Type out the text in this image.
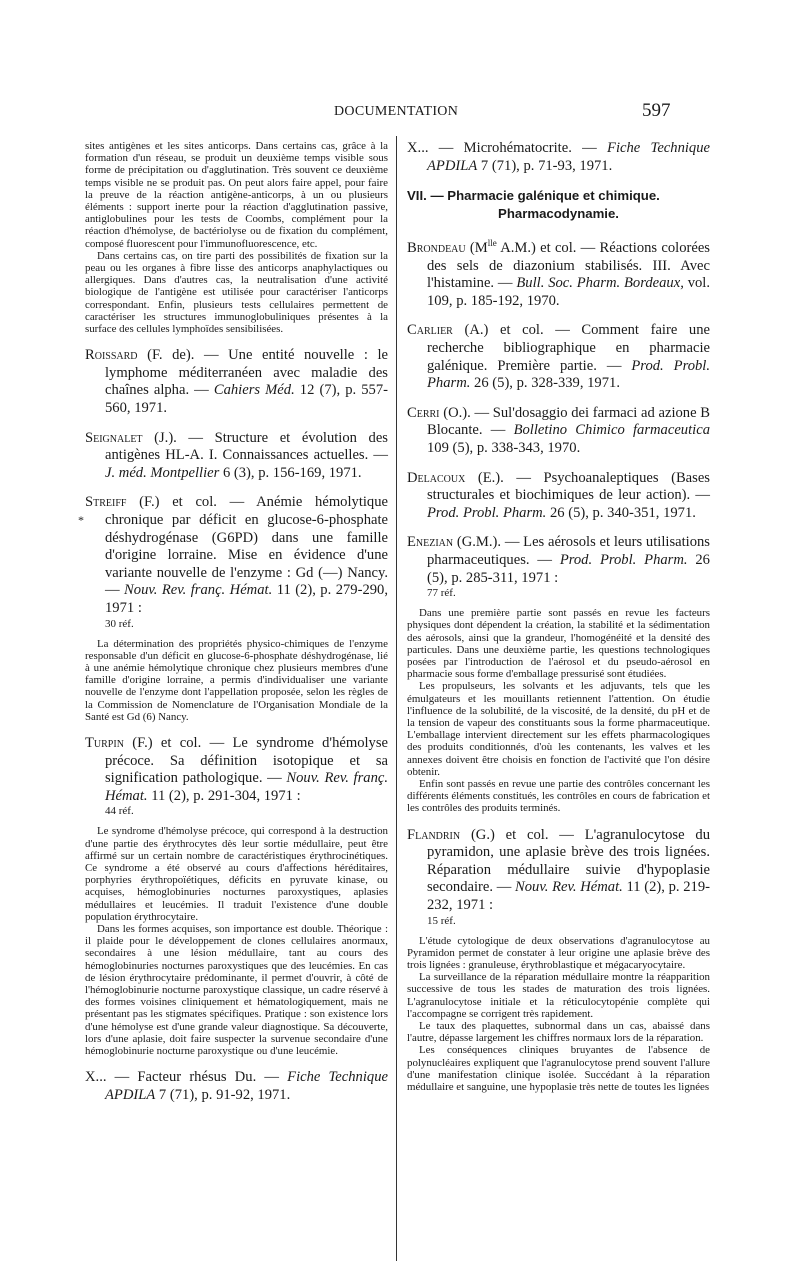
DOCUMENTATION	597
*

sites antigènes et les sites anticorps. Dans certains cas, grâce à la formation d'un réseau, se produit un deuxième temps visible sous forme de précipitation ou d'agglutination. Très souvent ce deuxième temps visible ne se produit pas. On peut alors faire appel, pour faire la preuve de la réaction antigène-anticorps, à un ou plusieurs éléments : support inerte pour la réaction d'agglutination passive, antiglobulines pour les tests de Coombs, complément pour la réaction d'hémolyse, de bactériolyse ou de fixation du complément, composé fluorescent pour l'immunofluorescence, etc.

Dans certains cas, on tire parti des possibilités de fixation sur la peau ou les organes à fibre lisse des anticorps anaphylactiques ou allergiques. Dans d'autres cas, la neutralisation d'une activité biologique de l'antigène est utilisée pour caractériser l'anticorps correspondant. Enfin, plusieurs tests cellulaires permettent de caractériser les structures immunoglobuliniques présentes à la surface des cellules lymphoïdes sensibilisées.

Roissard (F. de). — Une entité nouvelle : le lymphome méditerranéen avec maladie des chaînes alpha. — Cahiers Méd. 12 (7), p. 557-560, 1971.

Seignalet (J.). — Structure et évolution des antigènes HL-A. I. Connaissances actuelles. — J. méd. Montpellier 6 (3), p. 156-169, 1971.

Streiff (F.) et col. — Anémie hémolytique chronique par déficit en glucose-6-phosphate déshydrogénase (G6PD) dans une famille d'origine lorraine. Mise en évidence d'une variante nouvelle de l'enzyme : Gd (—) Nancy. — Nouv. Rev. franç. Hémat. 11 (2), p. 279-290, 1971 :

30 réf.

La détermination des propriétés physico-chimiques de l'enzyme responsable d'un déficit en glucose-6-phosphate déshydrogénase, lié à une anémie hémolytique chronique chez plusieurs membres d'une famille d'origine lorraine, a permis d'individualiser une variante nouvelle de l'enzyme dont l'appellation proposée, selon les règles de la Commission de Nomenclature de l'Organisation Mondiale de la Santé est Gd (6) Nancy.

Turpin (F.) et col. — Le syndrome d'hémolyse précoce. Sa définition isotopique et sa signification pathologique. — Nouv. Rev. franç. Hémat. 11 (2), p. 291-304, 1971 :

44 réf.

Le syndrome d'hémolyse précoce, qui correspond à la destruction d'une partie des érythrocytes dès leur sortie médullaire, peut être affirmé sur un certain nombre de caractéristiques érythrocinétiques. Ce syndrome a été observé au cours d'affections héréditaires, porphyries érythropoïétiques, déficits en pyruvate kinase, ou acquises, hémoglobinuries nocturnes paroxystiques, aplasies médullaires et leucémies. Il traduit l'existence d'une double population érythrocytaire.

Dans les formes acquises, son importance est double. Théorique : il plaide pour le développement de clones cellulaires anormaux, secondaires à une lésion médullaire, tant au cours des hémoglobinuries nocturnes paroxystiques que des leucémies. En cas de lésion érythrocytaire prédominante, il permet d'ouvrir, à côté de l'hémoglobinurie nocturne paroxystique classique, un cadre réservé à des formes voisines cliniquement et hématologiquement, mais ne présentant pas les stigmates spécifiques. Pratique : son existence lors d'une hémolyse est d'une grande valeur diagnostique. Sa découverte, lors d'une aplasie, doit faire suspecter la survenue secondaire d'une hémoglobinurie nocturne paroxystique ou d'une leucémie.

X... — Facteur rhésus Du. — Fiche Technique APDILA 7 (71), p. 91-92, 1971.

X... — Microhématocrite. — Fiche Technique APDILA 7 (71), p. 71-93, 1971.

VII. — Pharmacie galénique et chimique.
Pharmacodynamie.

Brondeau ($M^{lle}$ A.M.) et col. — Réactions colorées des sels de diazonium stabilisés. III. Avec l'histamine. — Bull. Soc. Pharm. Bordeaux, vol. 109, p. 185-192, 1970.

Carlier (A.) et col. — Comment faire une recherche bibliographique en pharmacie galénique. Première partie. — Prod. Probl. Pharm. 26 (5), p. 328-339, 1971.

Cerri (O.). — Sul'dosaggio dei farmaci ad azione B Blocante. — Bolletino Chimico farmaceutica 109 (5), p. 338-343, 1970.

Delacoux (E.). — Psychoanaleptiques (Bases structurales et biochimiques de leur action). — Prod. Probl. Pharm. 26 (5), p. 340-351, 1971.

Enezian (G.M.). — Les aérosols et leurs utilisations pharmaceutiques. — Prod. Probl. Pharm. 26 (5), p. 285-311, 1971 :

77 réf.

Dans une première partie sont passés en revue les facteurs physiques dont dépendent la création, la stabilité et la sédimentation des aérosols, ainsi que la grandeur, l'homogénéité et la densité des particules. Dans une deuxième partie, les questions technologiques posées par l'introduction de l'aérosol et du pseudo-aérosol en pharmacie sous forme d'emballage pressurisé sont étudiées.

Les propulseurs, les solvants et les adjuvants, tels que les émulgateurs et les mouillants retiennent l'attention. On étudie l'influence de la solubilité, de la viscosité, de la densité, du pH et de la tension de vapeur des constituants sous la forme pharmaceutique. L'emballage intervient directement sur les effets pharmacologiques des produits conditionnés, d'où les contenants, les valves et les annexes doivent être choisis en fonction de l'activité que l'on désire obtenir.

Enfin sont passés en revue une partie des contrôles concernant les différents éléments constitués, les contrôles en cours de fabrication et les contrôles des produits terminés.

Flandrin (G.) et col. — L'agranulocytose du pyramidon, une aplasie brève des trois lignées. Réparation médullaire suivie d'hypoplasie secondaire. — Nouv. Rev. Hémat. 11 (2), p. 219-232, 1971 :

15 réf.

L'étude cytologique de deux observations d'agranulocytose au Pyramidon permet de constater à leur origine une aplasie brève des trois lignées : granuleuse, érythroblastique et mégacaryocytaire.

La surveillance de la réparation médullaire montre la réapparition successive de tous les stades de maturation des trois lignées. L'agranulocytose initiale et la réticulocytopénie complète qui l'accompagne se corrigent très rapidement.

Le taux des plaquettes, subnormal dans un cas, abaissé dans l'autre, dépasse largement les chiffres normaux lors de la réparation.

Les conséquences cliniques bruyantes de l'absence de polynucléaires expliquent que l'agranulocytose prend souvent l'allure d'une manifestation clinique isolée. Succédant à la réparation médullaire et sanguine, une hypoplasie très nette de toutes les lignées
